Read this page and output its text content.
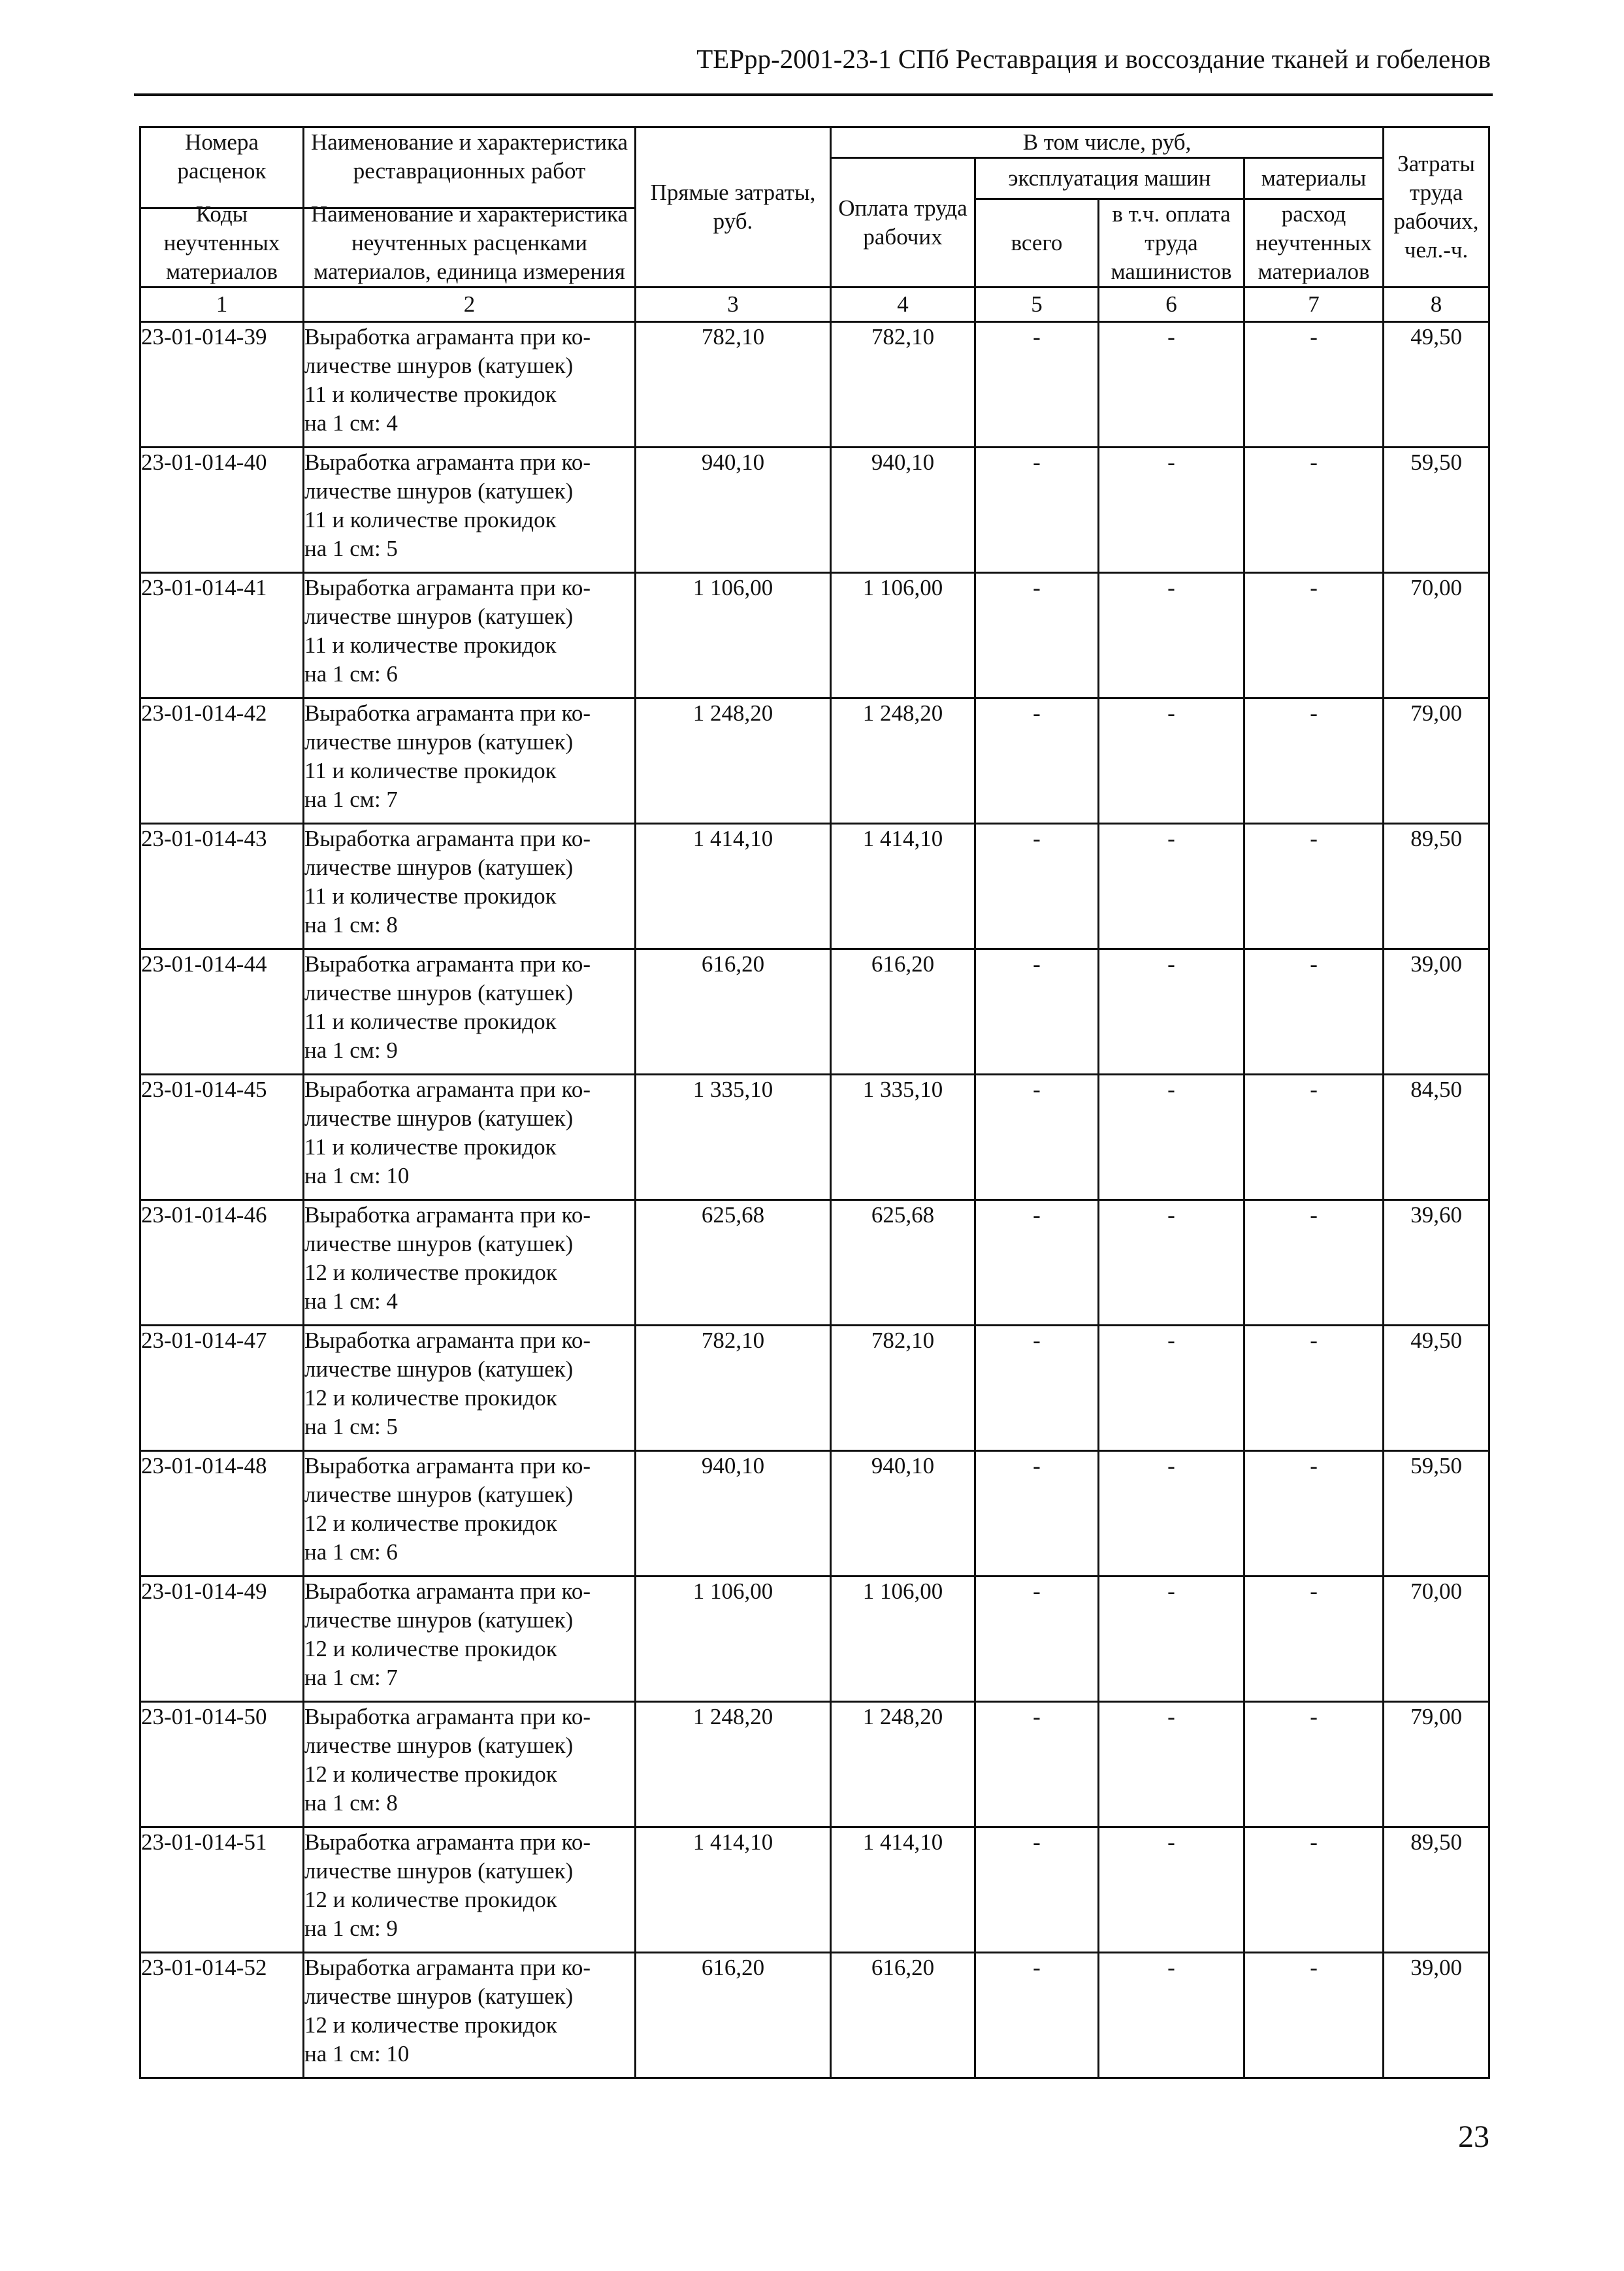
ТЕРрр-2001-23-1 СПб Реставрация и воссоздание тканей и гобеленов
Номера расценок
Коды неучтенных материалов	Наименование и характеристика реставрационных работ
Наименование и характеристика неучтенных расценками материалов, единица измерения	Прямые затраты, руб.	В том числе, руб,				Затраты труда рабочих, чел.-ч.
			Оплата труда рабочих	эксплуатация машин		материалы	
				всего	в т.ч. оплата труда машинистов	расход неучтенных материалов	
1	2	3	4	5	6	7	8
23-01-014-39	Выработка аграманта при ко-
личестве шнуров (катушек)
11 и количестве прокидок
на 1 см: 4	782,10	782,10	-	-	-	49,50
23-01-014-40	Выработка аграманта при ко-
личестве шнуров (катушек)
11 и количестве прокидок
на 1 см: 5	940,10	940,10	-	-	-	59,50
23-01-014-41	Выработка аграманта при ко-
личестве шнуров (катушек)
11 и количестве прокидок
на 1 см: 6	1 106,00	1 106,00	-	-	-	70,00
23-01-014-42	Выработка аграманта при ко-
личестве шнуров (катушек)
11 и количестве прокидок
на 1 см: 7	1 248,20	1 248,20	-	-	-	79,00
23-01-014-43	Выработка аграманта при ко-
личестве шнуров (катушек)
11 и количестве прокидок
на 1 см: 8	1 414,10	1 414,10	-	-	-	89,50
23-01-014-44	Выработка аграманта при ко-
личестве шнуров (катушек)
11 и количестве прокидок
на 1 см: 9	616,20	616,20	-	-	-	39,00
23-01-014-45	Выработка аграманта при ко-
личестве шнуров (катушек)
11 и количестве прокидок
на 1 см: 10	1 335,10	1 335,10	-	-	-	84,50
23-01-014-46	Выработка аграманта при ко-
личестве шнуров (катушек)
12 и количестве прокидок
на 1 см: 4	625,68	625,68	-	-	-	39,60
23-01-014-47	Выработка аграманта при ко-
личестве шнуров (катушек)
12 и количестве прокидок
на 1 см: 5	782,10	782,10	-	-	-	49,50
23-01-014-48	Выработка аграманта при ко-
личестве шнуров (катушек)
12 и количестве прокидок
на 1 см: 6	940,10	940,10	-	-	-	59,50
23-01-014-49	Выработка аграманта при ко-
личестве шнуров (катушек)
12 и количестве прокидок
на 1 см: 7	1 106,00	1 106,00	-	-	-	70,00
23-01-014-50	Выработка аграманта при ко-
личестве шнуров (катушек)
12 и количестве прокидок
на 1 см: 8	1 248,20	1 248,20	-	-	-	79,00
23-01-014-51	Выработка аграманта при ко-
личестве шнуров (катушек)
12 и количестве прокидок
на 1 см: 9	1 414,10	1 414,10	-	-	-	89,50
23-01-014-52	Выработка аграманта при ко-
личестве шнуров (катушек)
12 и количестве прокидок
на 1 см: 10	616,20	616,20	-	-	-	39,00
23
